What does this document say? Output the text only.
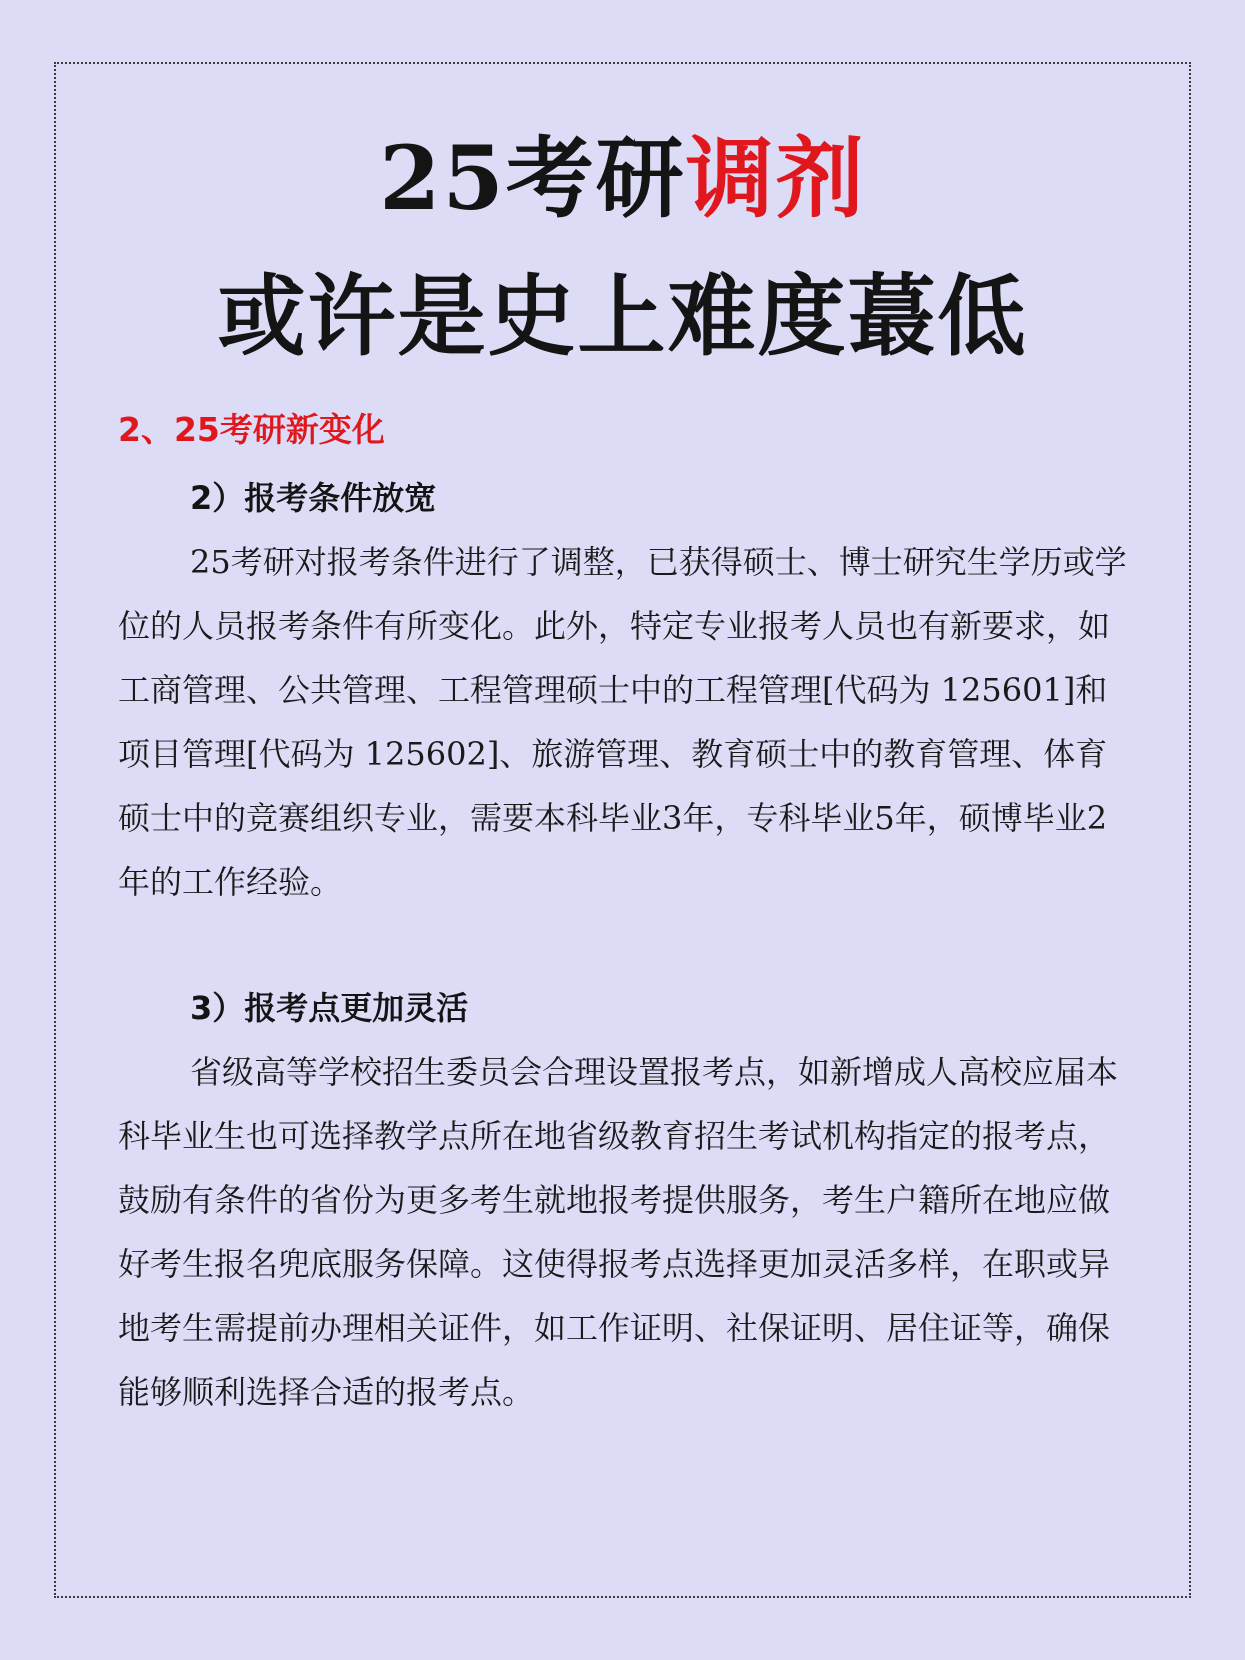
25考研调剂
或许是史上难度蕞低
2、25考研新变化
2）报考条件放宽

25考研对报考条件进行了调整，已获得硕士、博士研究生学历或学位的人员报考条件有所变化。此外，特定专业报考人员也有新要求，如工商管理、公共管理、工程管理硕士中的工程管理[代码为 125601]和项目管理[代码为 125602]、旅游管理、教育硕士中的教育管理、体育硕士中的竞赛组织专业，需要本科毕业3年，专科毕业5年，硕博毕业2年的工作经验。

3）报考点更加灵活

省级高等学校招生委员会合理设置报考点，如新增成人高校应届本科毕业生也可选择教学点所在地省级教育招生考试机构指定的报考点，鼓励有条件的省份为更多考生就地报考提供服务，考生户籍所在地应做好考生报名兜底服务保障。这使得报考点选择更加灵活多样，在职或异地考生需提前办理相关证件，如工作证明、社保证明、居住证等，确保能够顺利选择合适的报考点。
